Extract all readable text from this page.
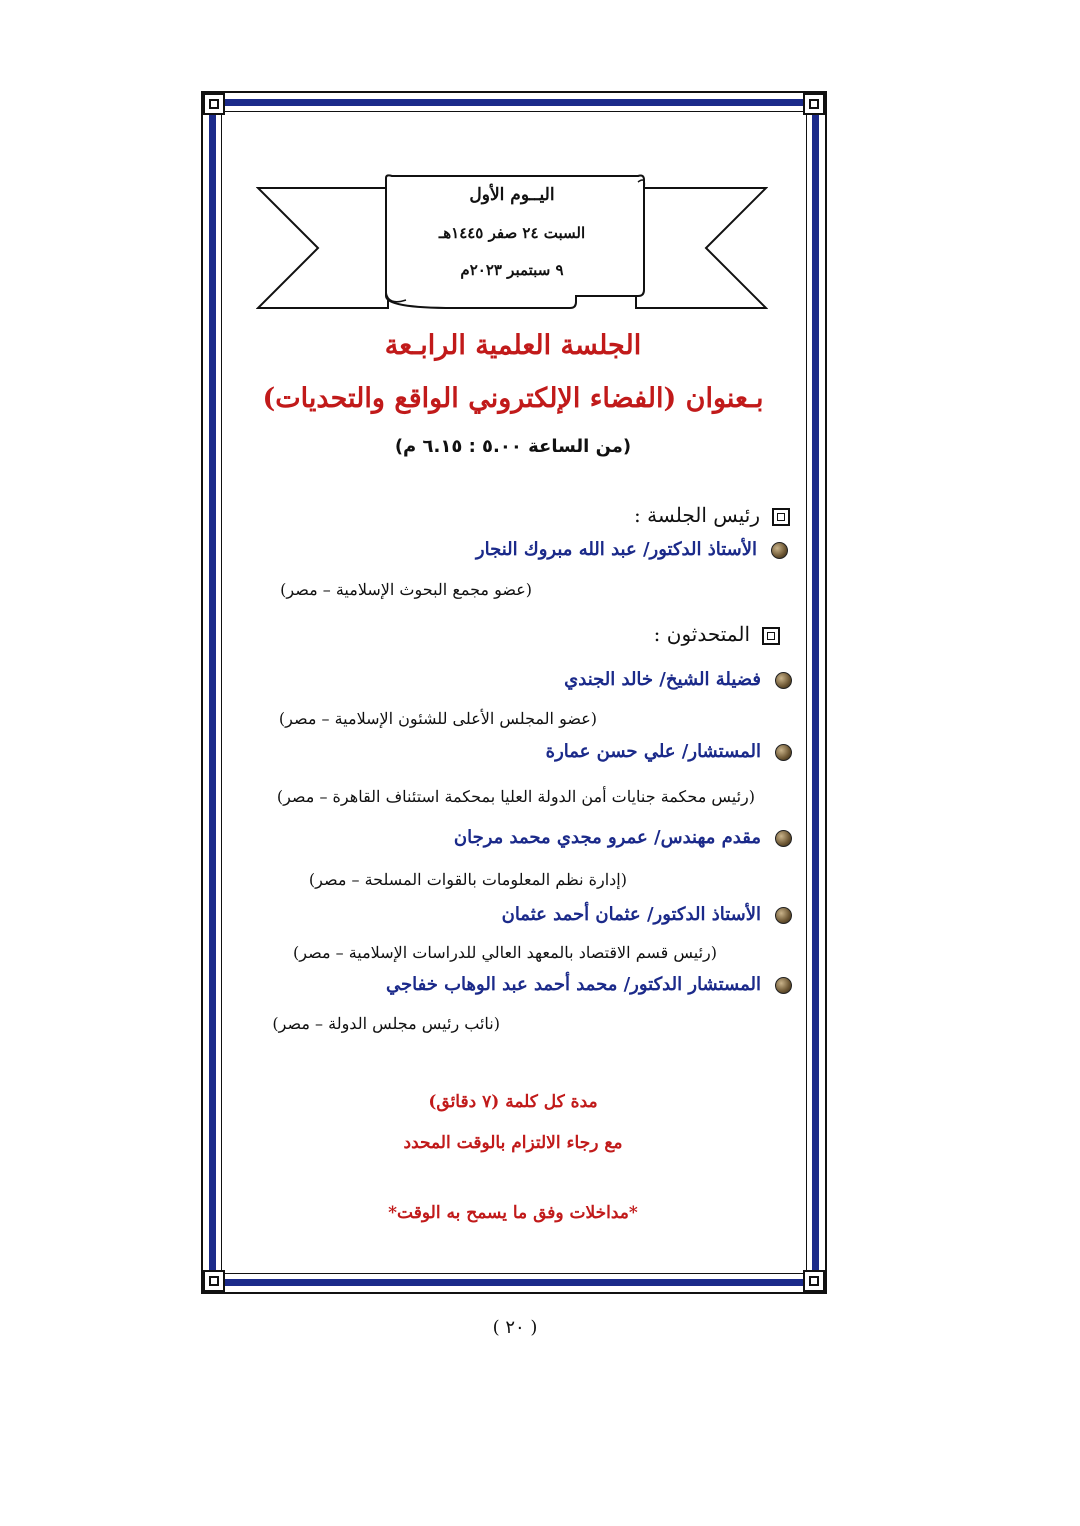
اليــوم الأول
السبت ٢٤ صفر ١٤٤٥هـ
٩ سبتمبر ٢٠٢٣م
الجلسة العلمية الرابـعة
بـعنوان (الفضاء الإلكتروني الواقع والتحديات)
(من الساعة ٥.٠٠ : ٦.١٥ م)
رئيس الجلسة :
الأستاذ الدكتور/ عبد الله مبروك النجار
(عضو مجمع البحوث الإسلامية – مصر)
المتحدثون :
فضيلة الشيخ/ خالد الجندي
(عضو المجلس الأعلى للشئون الإسلامية – مصر)
المستشار/ علي حسن عمارة
(رئيس محكمة جنايات أمن الدولة العليا بمحكمة استئناف القاهرة – مصر)
مقدم مهندس/ عمرو مجدي محمد مرجان
(إدارة نظم المعلومات بالقوات المسلحة – مصر)
الأستاذ الدكتور/ عثمان أحمد عثمان
(رئيس قسم الاقتصاد بالمعهد العالي للدراسات الإسلامية – مصر)
المستشار الدكتور/ محمد أحمد عبد الوهاب خفاجي
(نائب رئيس مجلس الدولة – مصر)
مدة كل كلمة (٧ دقائق)
مع رجاء الالتزام بالوقت المحدد
*مداخلات وفق ما يسمح به الوقت*
( ٢٠ )
